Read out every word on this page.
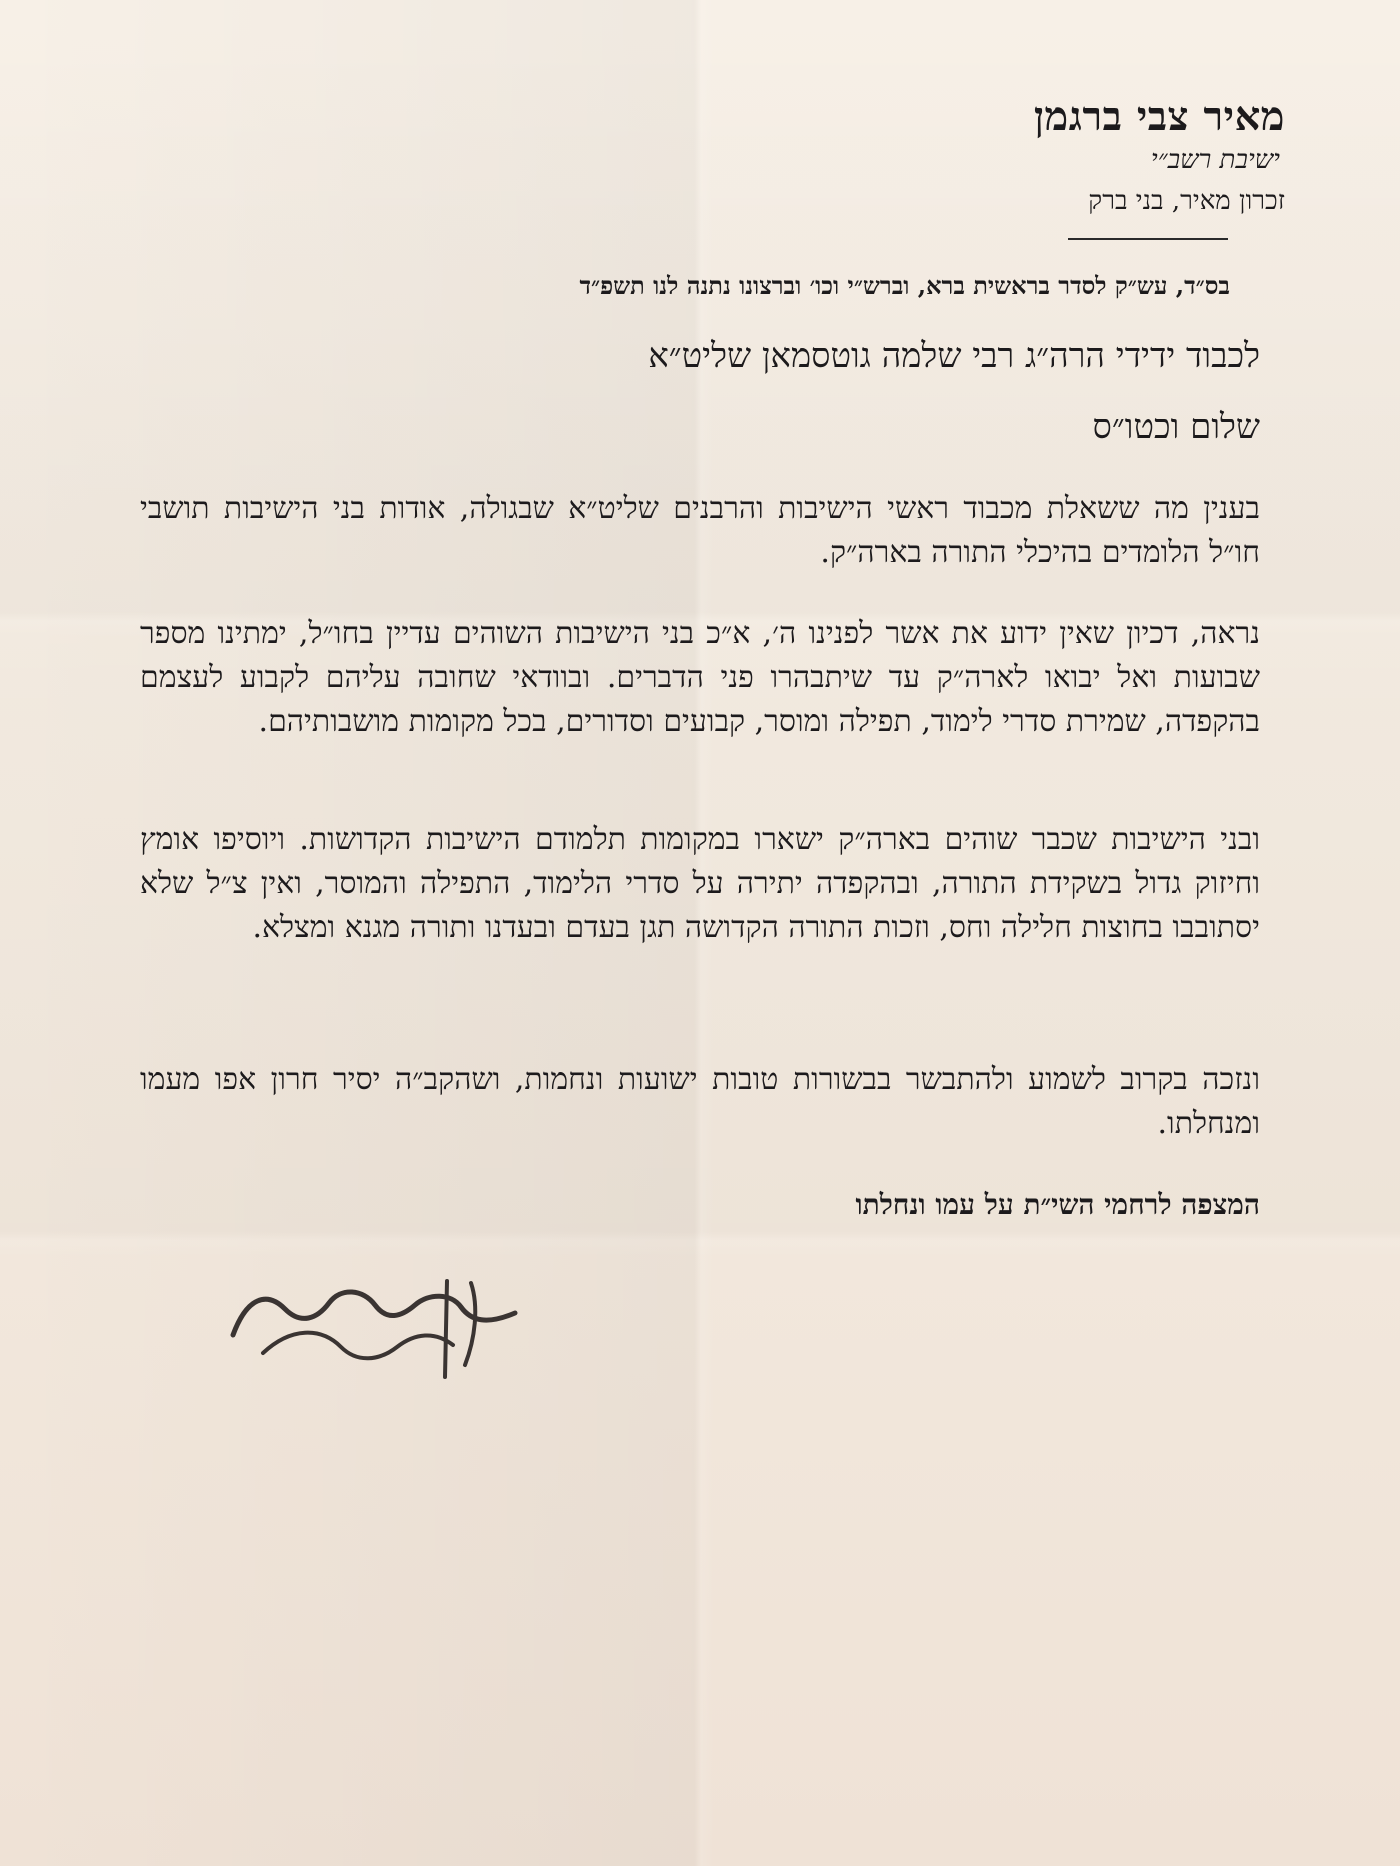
מאיר צבי ברגמן
ישיבת רשב״י
זכרון מאיר, בני ברק
בס״ד, עש״ק לסדר בראשית ברא, וברש״י וכו׳ וברצונו נתנה לנו תשפ״ד
לכבוד ידידי הרה״ג רבי שלמה גוטסמאן שליט״א
שלום וכטו״ס
בענין מה ששאלת מכבוד ראשי הישיבות והרבנים שליט״א שבגולה, אודות בני הישיבות תושבי חו״ל הלומדים בהיכלי התורה בארה״ק.
נראה, דכיון שאין ידוע את אשר לפנינו ה׳, א״כ בני הישיבות השוהים עדיין בחו״ל, ימתינו מספר שבועות ואל יבואו לארה״ק עד שיתבהרו פני הדברים. ובוודאי שחובה עליהם לקבוע לעצמם בהקפדה, שמירת סדרי לימוד, תפילה ומוסר, קבועים וסדורים, בכל מקומות מושבותיהם.
ובני הישיבות שכבר שוהים בארה״ק ישארו במקומות תלמודם הישיבות הקדושות. ויוסיפו אומץ וחיזוק גדול בשקידת התורה, ובהקפדה יתירה על סדרי הלימוד, התפילה והמוסר, ואין צ״ל שלא יסתובבו בחוצות חלילה וחס, וזכות התורה הקדושה תגן בעדם ובעדנו ותורה מגנא ומצלא.
ונזכה בקרוב לשמוע ולהתבשר בבשורות טובות ישועות ונחמות, ושהקב״ה יסיר חרון אפו מעמו ומנחלתו.
המצפה לרחמי השי״ת על עמו ונחלתו
